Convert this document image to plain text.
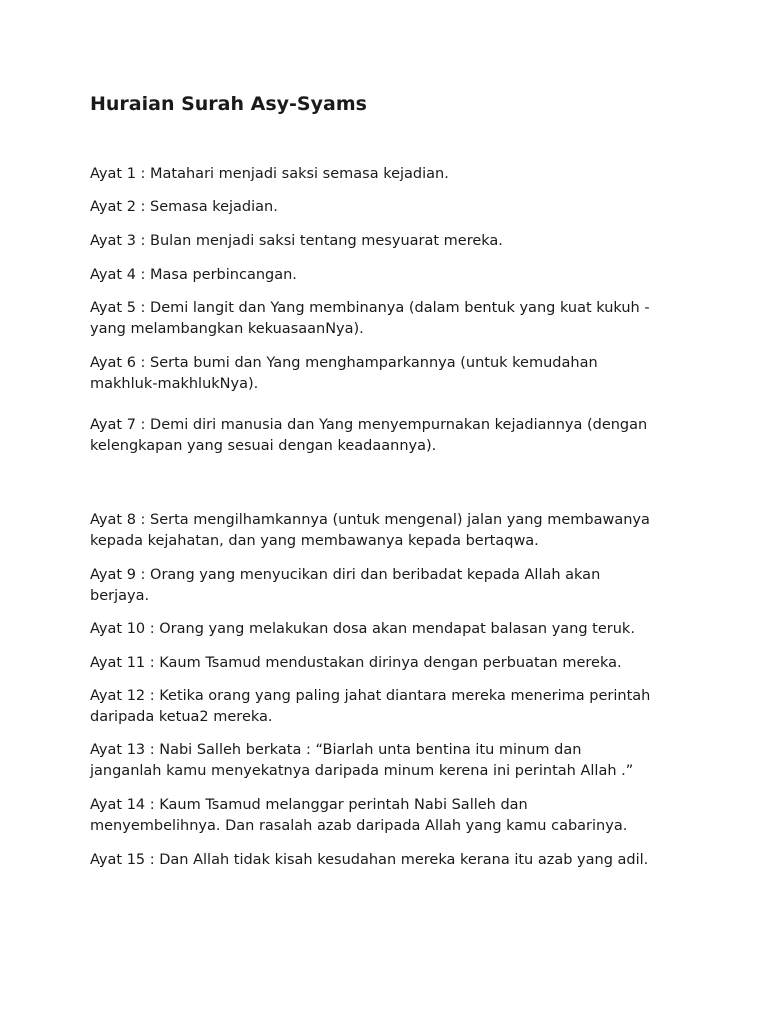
Huraian Surah Asy-Syams
Ayat 1 : Matahari menjadi saksi semasa kejadian.
Ayat 2 : Semasa kejadian.
Ayat 3 : Bulan menjadi saksi tentang mesyuarat mereka.
Ayat 4 : Masa perbincangan.
Ayat 5 : Demi langit dan Yang membinanya (dalam bentuk yang kuat kukuh -
yang melambangkan kekuasaanNya).
Ayat 6 : Serta bumi dan Yang menghamparkannya (untuk kemudahan
makhluk-makhlukNya).
Ayat 7 : Demi diri manusia dan Yang menyempurnakan kejadiannya (dengan
kelengkapan yang sesuai dengan keadaannya).
Ayat 8 : Serta mengilhamkannya (untuk mengenal) jalan yang membawanya
kepada kejahatan, dan yang membawanya kepada bertaqwa.
Ayat 9 : Orang yang menyucikan diri dan beribadat kepada Allah akan
berjaya.
Ayat 10 : Orang yang melakukan dosa akan mendapat balasan yang teruk.
Ayat 11 : Kaum Tsamud mendustakan dirinya dengan perbuatan mereka.
Ayat 12 : Ketika orang yang paling jahat diantara mereka menerima perintah
daripada ketua2 mereka.
Ayat 13 : Nabi Salleh berkata : “Biarlah unta bentina itu minum dan
janganlah kamu menyekatnya daripada minum kerena ini perintah Allah .”
Ayat 14 : Kaum Tsamud melanggar perintah Nabi Salleh dan
menyembelihnya. Dan rasalah azab daripada Allah yang kamu cabarinya.
Ayat 15 : Dan Allah tidak kisah kesudahan mereka kerana itu azab yang adil.
